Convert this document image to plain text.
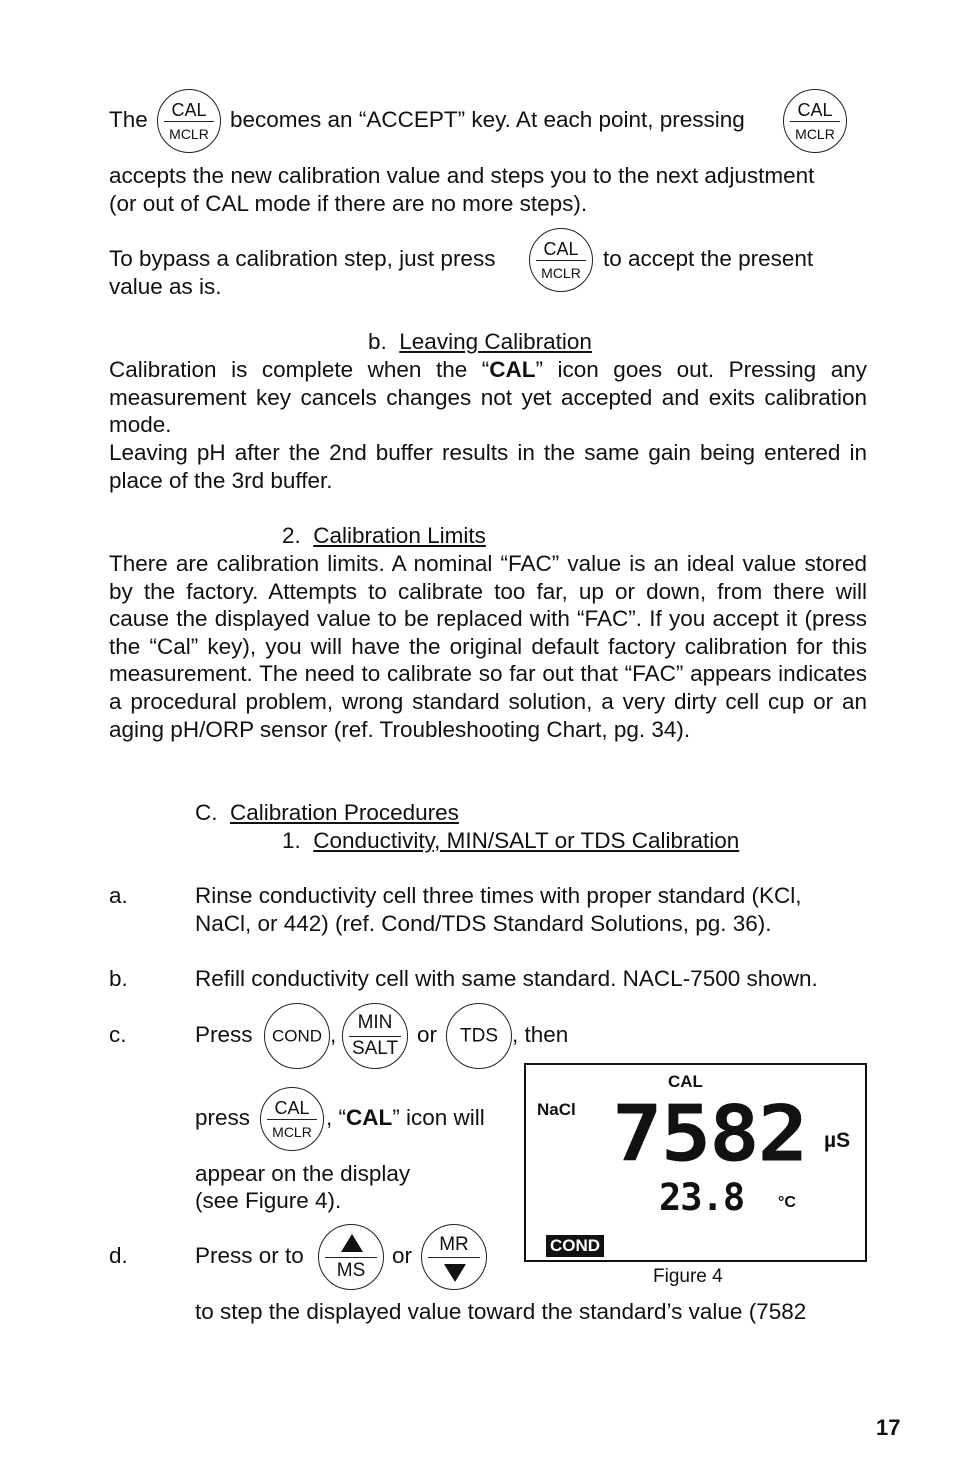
The	CAL
MCLR
becomes an “ACCEPT” key. At each point, pressing	CAL
MCLR
accepts the new calibration value and steps you to the next adjustment
(or out of CAL mode if there are no more steps).
To bypass a calibration step, just press	CAL
MCLR
to accept the present
value as is.
b. Leaving Calibration
Calibration is complete when the “CAL” icon goes out. Pressing any measurement key cancels changes not yet accepted and exits calibration mode.
Leaving pH after the 2nd buffer results in the same gain being entered in place of the 3rd buffer.
2. Calibration Limits
There are calibration limits. A nominal “FAC” value is an ideal value stored by the factory. Attempts to calibrate too far, up or down, from there will cause the displayed value to be replaced with “FAC”. If you accept it (press the “Cal” key), you will have the original default factory calibration for this measurement. The need to calibrate so far out that “FAC” appears indicates a procedural problem, wrong standard solution, a very dirty cell cup or an aging pH/ORP sensor (ref. Troubleshooting Chart, pg. 34).
C. Calibration Procedures
1. Conductivity, MIN/SALT or TDS Calibration
a.	Rinse conductivity cell three times with proper standard (KCl,
NaCl, or 442) (ref. Cond/TDS Standard Solutions, pg. 36).
b.	Refill conductivity cell with same standard. NACL-7500 shown.
c.	Press	COND ,	MIN
SALT
or	TDS , then
press	CAL
MCLR
, “CAL” icon will
appear on the display
(see Figure 4).
d.	Press or to
MS
or	MR
to step the displayed value toward the standard’s value (7582
CAL
NaCl 7582 µS
23.8 °C
COND
Figure 4
17
